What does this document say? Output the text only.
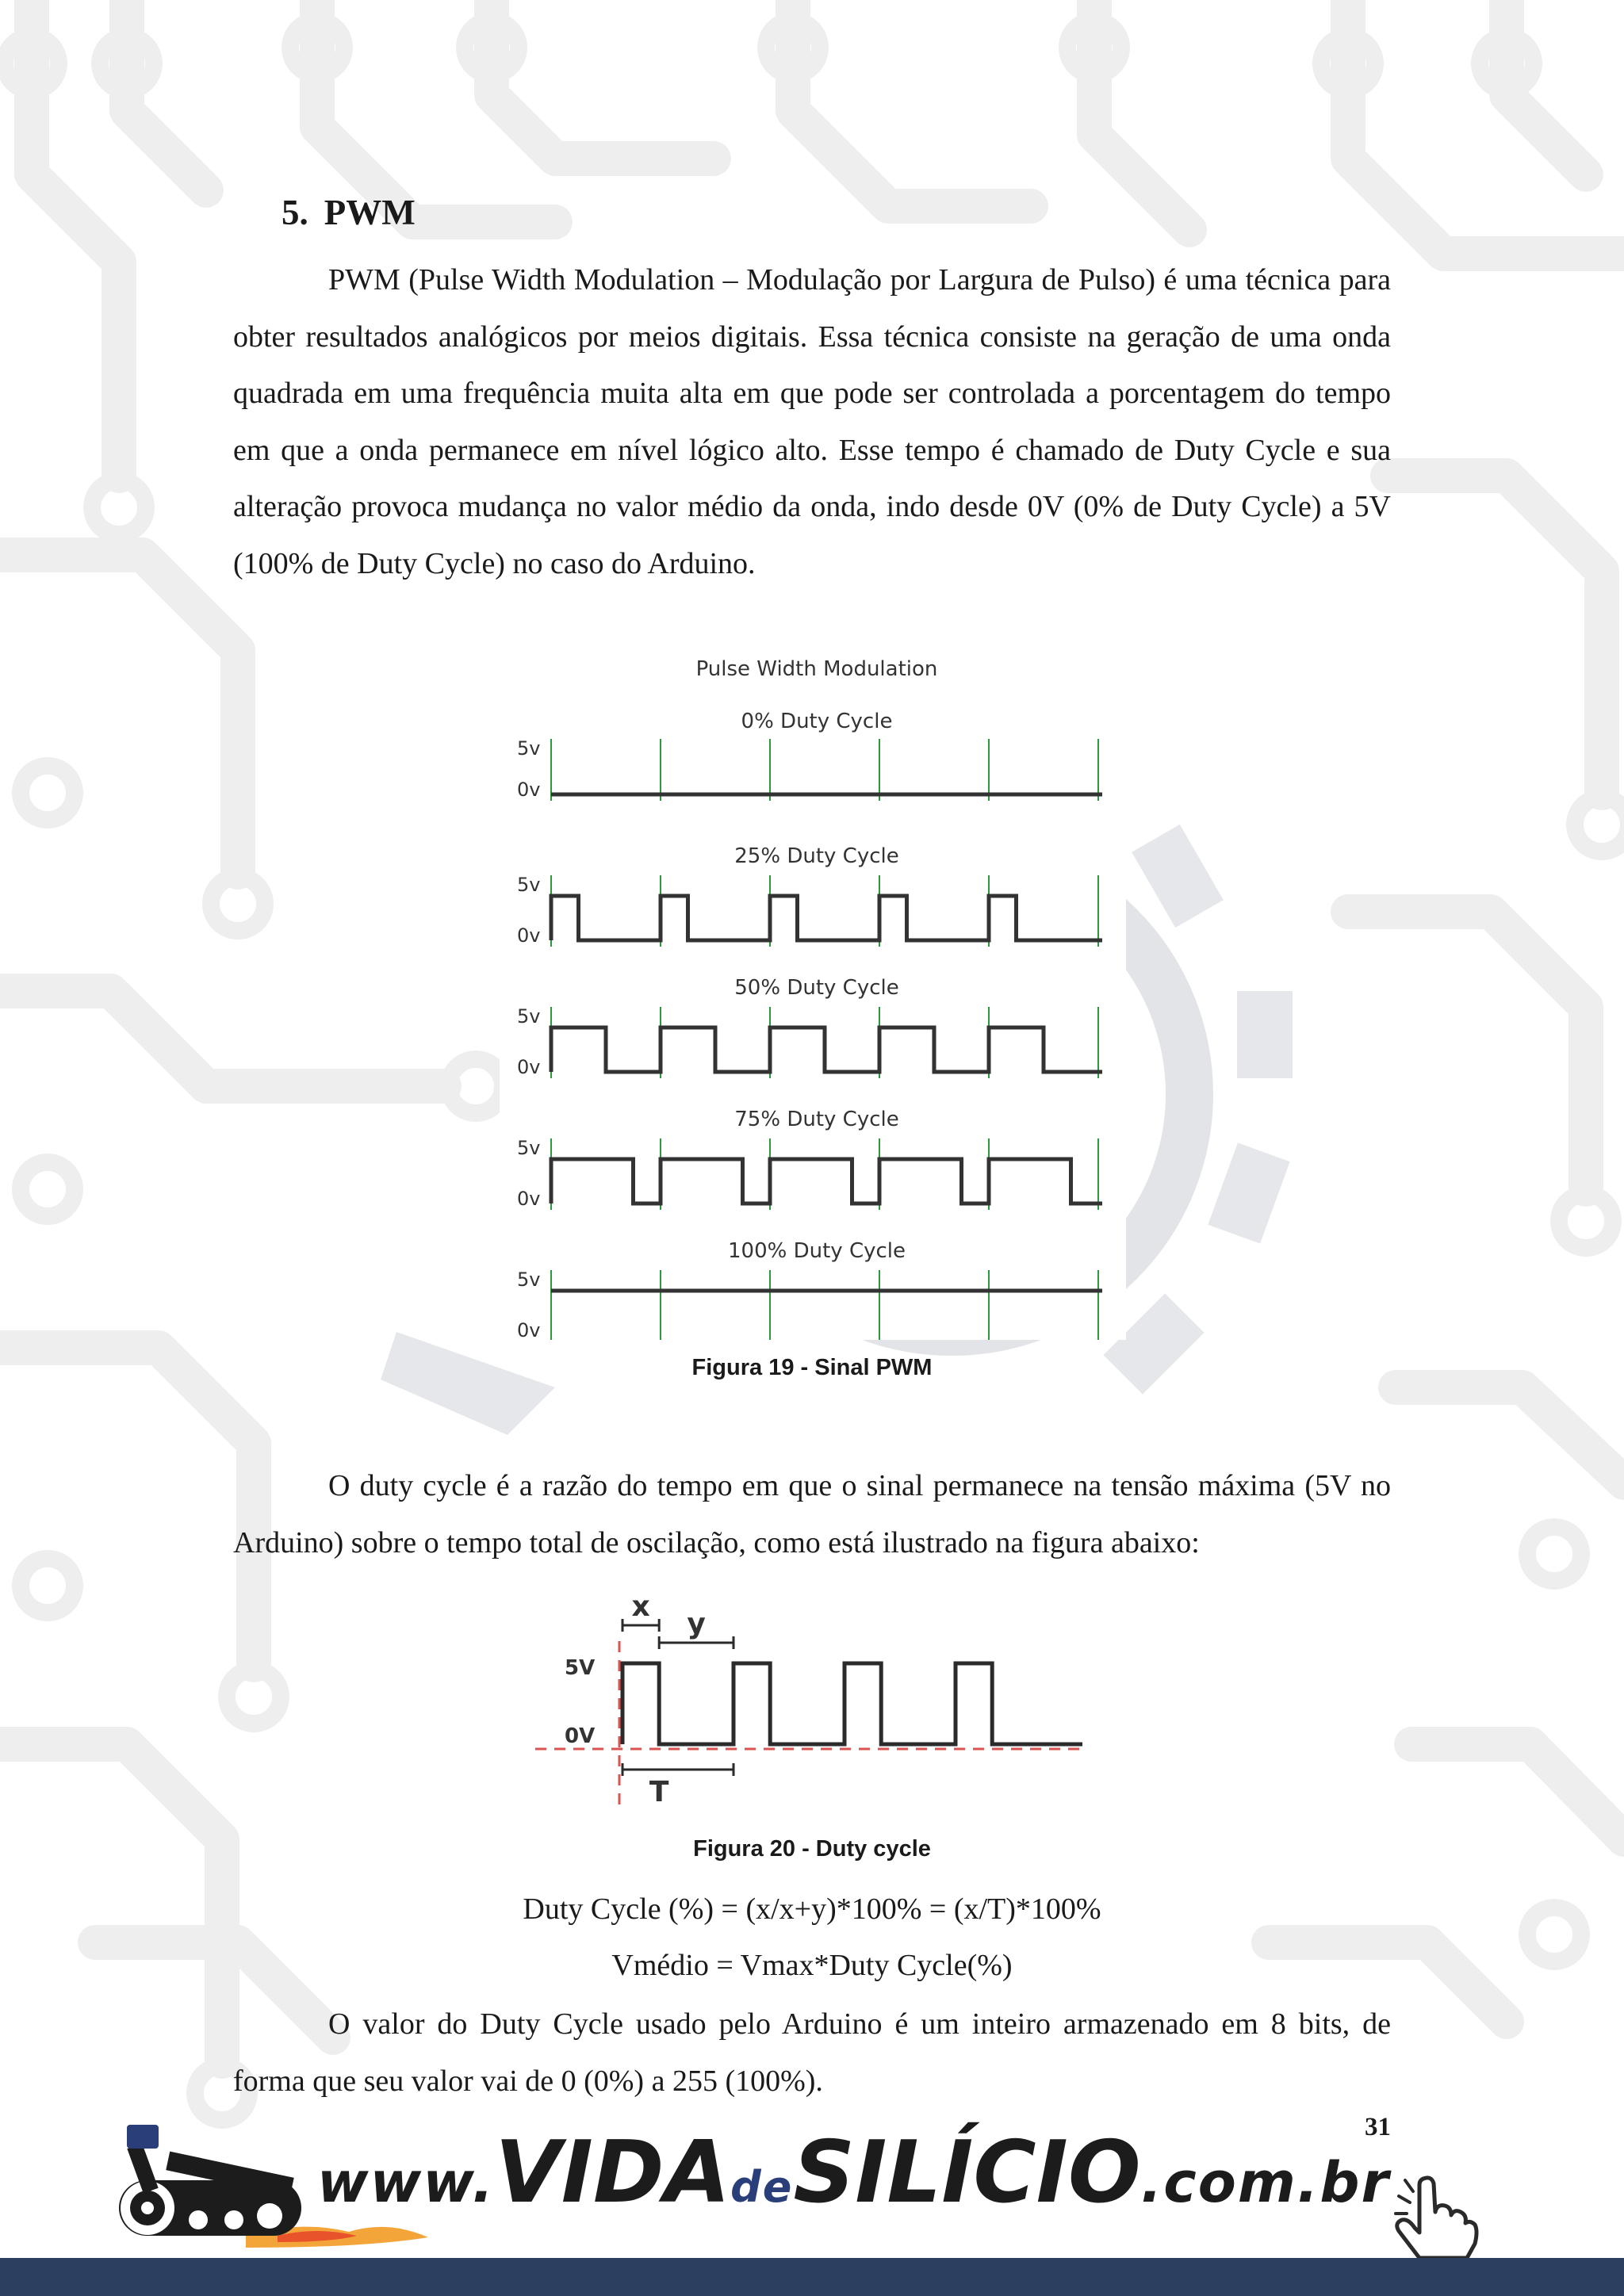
5. PWM

PWM (Pulse Width Modulation – Modulação por Largura de Pulso) é uma técnica para obter resultados analógicos por meios digitais. Essa técnica consiste na geração de uma onda quadrada em uma frequência muita alta em que pode ser controlada a porcentagem do tempo em que a onda permanece em nível lógico alto. Esse tempo é chamado de Duty Cycle e sua alteração provoca mudança no valor médio da onda, indo desde 0V (0% de Duty Cycle) a 5V (100% de Duty Cycle) no caso do Arduino.

Pulse Width Modulation
0% Duty Cycle
5v
0v
25% Duty Cycle
5v
0v
50% Duty Cycle
5v
0v
75% Duty Cycle
5v
0v
100% Duty Cycle
5v
0v

Figura 19 - Sinal PWM

O duty cycle é a razão do tempo em que o sinal permanece na tensão máxima (5V no Arduino) sobre o tempo total de oscilação, como está ilustrado na figura abaixo:

x
y
5V
0V
T

Figura 20 - Duty cycle

Duty Cycle (%) = (x/x+y)*100% = (x/T)*100%

Vmédio = Vmax*Duty Cycle(%)

O valor do Duty Cycle usado pelo Arduino é um inteiro armazenado em 8 bits, de forma que seu valor vai de 0 (0%) a 255 (100%).

31
www.VIDAdeSILÍCIO.com.br
